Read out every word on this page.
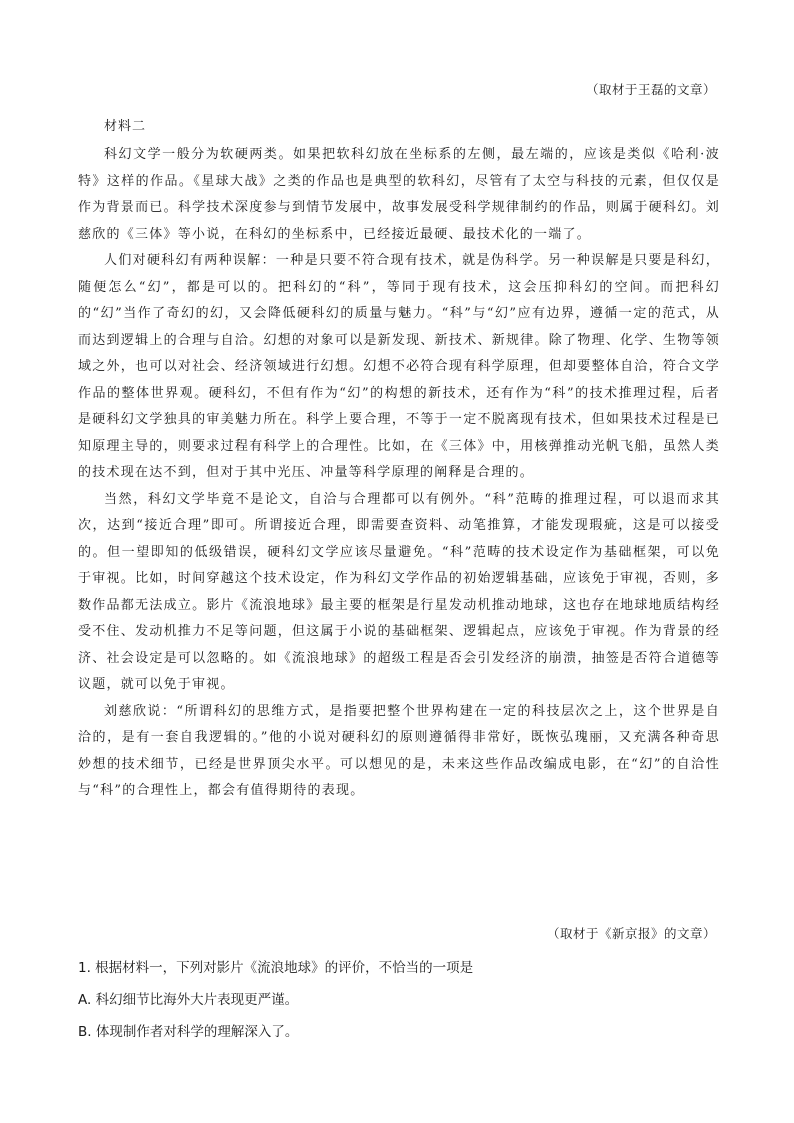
（取材于王磊的文章）
材料二

科幻文学一般分为软硬两类。如果把软科幻放在坐标系的左侧，最左端的，应该是类似《哈利·波特》这样的作品。《星球大战》之类的作品也是典型的软科幻，尽管有了太空与科技的元素，但仅仅是作为背景而已。科学技术深度参与到情节发展中，故事发展受科学规律制约的作品，则属于硬科幻。刘慈欣的《三体》等小说，在科幻的坐标系中，已经接近最硬、最技术化的一端了。

人们对硬科幻有两种误解：一种是只要不符合现有技术，就是伪科学。另一种误解是只要是科幻，随便怎么“幻”，都是可以的。把科幻的“科”，等同于现有技术，这会压抑科幻的空间。而把科幻的“幻”当作了奇幻的幻，又会降低硬科幻的质量与魅力。“科”与“幻”应有边界，遵循一定的范式，从而达到逻辑上的合理与自洽。幻想的对象可以是新发现、新技术、新规律。除了物理、化学、生物等领域之外，也可以对社会、经济领域进行幻想。幻想不必符合现有科学原理，但却要整体自洽，符合文学作品的整体世界观。硬科幻，不但有作为“幻”的构想的新技术，还有作为“科”的技术推理过程，后者是硬科幻文学独具的审美魅力所在。科学上要合理，不等于一定不脱离现有技术，但如果技术过程是已知原理主导的，则要求过程有科学上的合理性。比如，在《三体》中，用核弹推动光帆飞船，虽然人类的技术现在达不到，但对于其中光压、冲量等科学原理的阐释是合理的。

当然，科幻文学毕竟不是论文，自洽与合理都可以有例外。“科”范畴的推理过程，可以退而求其次，达到“接近合理”即可。所谓接近合理，即需要查资料、动笔推算，才能发现瑕疵，这是可以接受的。但一望即知的低级错误，硬科幻文学应该尽量避免。“科”范畴的技术设定作为基础框架，可以免于审视。比如，时间穿越这个技术设定，作为科幻文学作品的初始逻辑基础，应该免于审视，否则，多数作品都无法成立。影片《流浪地球》最主要的框架是行星发动机推动地球，这也存在地球地质结构经受不住、发动机推力不足等问题，但这属于小说的基础框架、逻辑起点，应该免于审视。作为背景的经济、社会设定是可以忽略的。如《流浪地球》的超级工程是否会引发经济的崩溃，抽签是否符合道德等议题，就可以免于审视。

刘慈欣说：“所谓科幻的思维方式，是指要把整个世界构建在一定的科技层次之上，这个世界是自洽的，是有一套自我逻辑的。”他的小说对硬科幻的原则遵循得非常好，既恢弘瑰丽，又充满各种奇思妙想的技术细节，已经是世界顶尖水平。可以想见的是，未来这些作品改编成电影，在“幻”的自洽性与“科”的合理性上，都会有值得期待的表现。

（取材于《新京报》的文章）
1. 根据材料一，下列对影片《流浪地球》的评价，不恰当的一项是
A. 科幻细节比海外大片表现更严谨。
B. 体现制作者对科学的理解深入了。
